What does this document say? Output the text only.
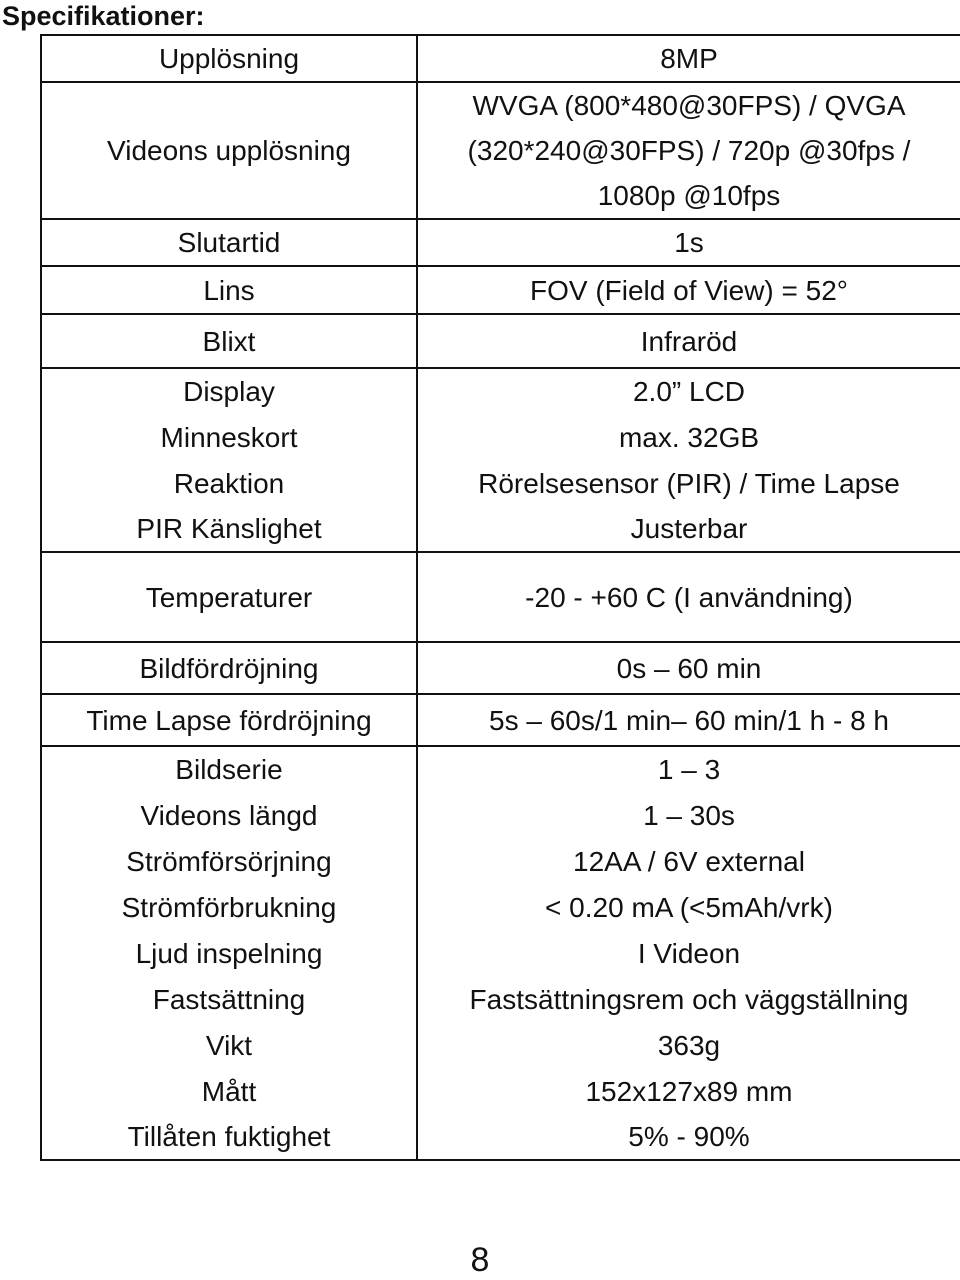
Specifikationer:
Upplösning	8MP

Videons upplösning	WVGA (800*480@30FPS) / QVGA
(320*240@30FPS) / 720p @30fps /
1080p @10fps

Slutartid	1s

Lins	FOV (Field of View) = 52°

Blixt	Infraröd

Display	2.0” LCD

Minneskort	max. 32GB

Reaktion	Rörelsesensor (PIR) / Time Lapse

PIR Känslighet	Justerbar

Temperaturer	-20 - +60 C (I användning)

Bildfördröjning	0s – 60 min

Time Lapse fördröjning	5s – 60s/1 min– 60 min/1 h - 8 h

Bildserie	1 – 3

Videons längd	1 – 30s

Strömförsörjning	12AA / 6V external

Strömförbrukning	< 0.20 mA (<5mAh/vrk)

Ljud inspelning	I Videon

Fastsättning	Fastsättningsrem och väggställning

Vikt	363g

Mått	152x127x89 mm

Tillåten fuktighet	5% - 90%
8
